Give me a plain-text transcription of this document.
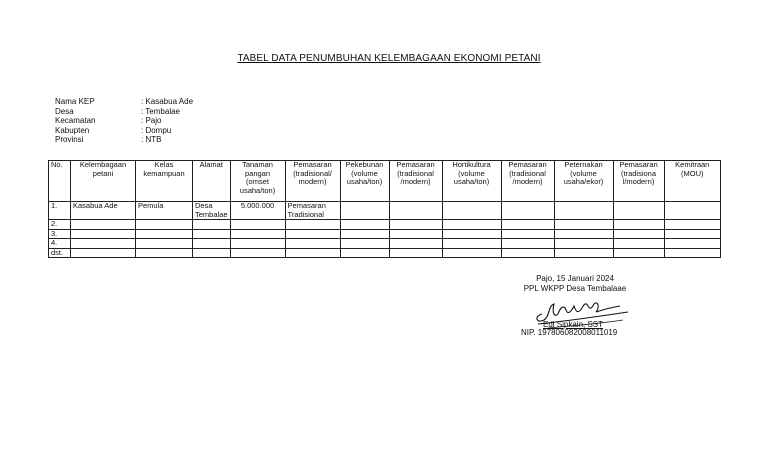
TABEL DATA PENUMBUHAN KELEMBAGAAN EKONOMI PETANI
Nama KEP	: Kasabua Ade
Desa	: Tembalae
Kecamatan	: Pajo
Kabupten	: Dompu
Provinsi	: NTB
No.	Kelembagaan petani	Kelas kemampuan	Alamat	Tanaman pangan (omset usaha/ton)	Pemasaran (tradisional/ modern)	Pekebunan (volume usaha/ton)	Pemasaran (tradisional /modern)	Hortikultura (volume usaha/ton)	Pemasaran (tradisional /modern)	Peternakan (volume usaha/ekor)	Pemasaran (tradisiona l/modern)	Kemitraan (MOU)
1.	Kasabua Ade	Pemula	Desa Tembalae	5.000.000	Pemasaran Tradisional							
2.												
3.												
4.												
dst.												
Pajo, 15 Januari 2024
PPL WKPP Desa Tembalaae
Edi Sipkain, SST
NIP. 197806082008011019
